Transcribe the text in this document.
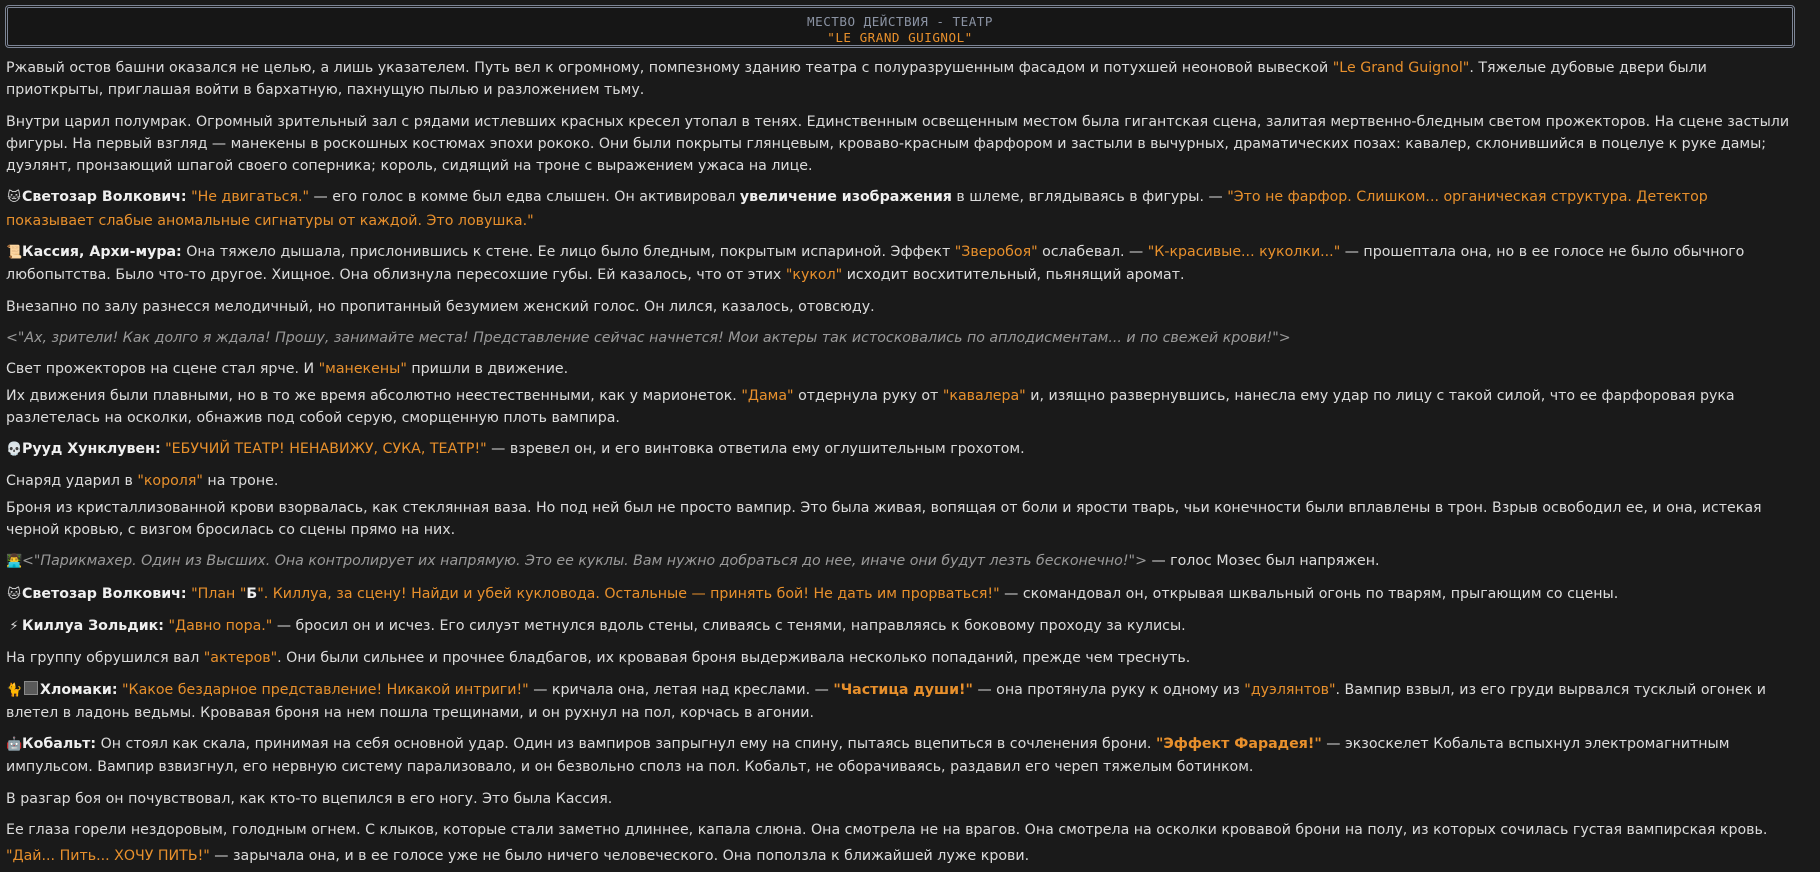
МЕСТВО ДЕЙСТВИЯ - ТЕАТР
"LE GRAND GUIGNOL"

Ржавый остов башни оказался не целью, а лишь указателем. Путь вел к огромному, помпезному зданию театра с полуразрушенным фасадом и потухшей неоновой вывеской "Le Grand Guignol". Тяжелые дубовые двери были приоткрыты, приглашая войти в бархатную, пахнущую пылью и разложением тьму.

Внутри царил полумрак. Огромный зрительный зал с рядами истлевших красных кресел утопал в тенях. Единственным освещенным местом была гигантская сцена, залитая мертвенно-бледным светом прожекторов. На сцене застыли фигуры. На первый взгляд — манекены в роскошных костюмах эпохи рококо. Они были покрыты глянцевым, кроваво-красным фарфором и застыли в вычурных, драматических позах: кавалер, склонившийся в поцелуе к руке дамы; дуэлянт, пронзающий шпагой своего соперника; король, сидящий на троне с выражением ужаса на лице.

🐱Светозар Волкович: "Не двигаться." — его голос в комме был едва слышен. Он активировал увеличение изображения в шлеме, вглядываясь в фигуры. — "Это не фарфор. Слишком... органическая структура. Детектор показывает слабые аномальные сигнатуры от каждой. Это ловушка."

📜Кассия, Архи-мура: Она тяжело дышала, прислонившись к стене. Ее лицо было бледным, покрытым испариной. Эффект "Зверобоя" ослабевал. — "К-красивые... куколки..." — прошептала она, но в ее голосе не было обычного любопытства. Было что-то другое. Хищное. Она облизнула пересохшие губы. Ей казалось, что от этих "кукол" исходит восхитительный, пьянящий аромат.

Внезапно по залу разнесся мелодичный, но пропитанный безумием женский голос. Он лился, казалось, отовсюду.

<"Ах, зрители! Как долго я ждала! Прошу, занимайте места! Представление сейчас начнется! Мои актеры так истосковались по аплодисментам... и по свежей крови!">

Свет прожекторов на сцене стал ярче. И "манекены" пришли в движение.

Их движения были плавными, но в то же время абсолютно неестественными, как у марионеток. "Дама" отдернула руку от "кавалера" и, изящно развернувшись, нанесла ему удар по лицу с такой силой, что ее фарфоровая рука разлетелась на осколки, обнажив под собой серую, сморщенную плоть вампира.

💀Рууд Хунклувен: "ЕБУЧИЙ ТЕАТР! НЕНАВИЖУ, СУКА, ТЕАТР!" — взревел он, и его винтовка ответила ему оглушительным грохотом.

Снаряд ударил в "короля" на троне.

Броня из кристаллизованной крови взорвалась, как стеклянная ваза. Но под ней был не просто вампир. Это была живая, вопящая от боли и ярости тварь, чьи конечности были вплавлены в трон. Взрыв освободил ее, и она, истекая черной кровью, с визгом бросилась со сцены прямо на них.

👨‍💻<"Парикмахер. Один из Высших. Она контролирует их напрямую. Это ее куклы. Вам нужно добраться до нее, иначе они будут лезть бесконечно!"> — голос Мозес был напряжен.

🐱Светозар Волкович: "План "Б". Киллуа, за сцену! Найди и убей кукловода. Остальные — принять бой! Не дать им прорваться!" — скомандовал он, открывая шквальный огонь по тварям, прыгающим со сцены.

⚡ Киллуа Зольдик: "Давно пора." — бросил он и исчез. Его силуэт метнулся вдоль стены, сливаясь с тенями, направляясь к боковому проходу за кулисы.

На группу обрушился вал "актеров". Они были сильнее и прочнее бладбагов, их кровавая броня выдерживала несколько попаданий, прежде чем треснуть.

🐈 Хломаки: "Какое бездарное представление! Никакой интриги!" — кричала она, летая над креслами. — "Частица души!" — она протянула руку к одному из "дуэлянтов". Вампир взвыл, из его груди вырвался тусклый огонек и влетел в ладонь ведьмы. Кровавая броня на нем пошла трещинами, и он рухнул на пол, корчась в агонии.

🤖Кобальт: Он стоял как скала, принимая на себя основной удар. Один из вампиров запрыгнул ему на спину, пытаясь вцепиться в сочленения брони. "Эффект Фарадея!" — экзоскелет Кобальта вспыхнул электромагнитным импульсом. Вампир взвизгнул, его нервную систему парализовало, и он безвольно сполз на пол. Кобальт, не оборачиваясь, раздавил его череп тяжелым ботинком.

В разгар боя он почувствовал, как кто-то вцепился в его ногу. Это была Кассия.

Ее глаза горели нездоровым, голодным огнем. С клыков, которые стали заметно длиннее, капала слюна. Она смотрела не на врагов. Она смотрела на осколки кровавой брони на полу, из которых сочилась густая вампирская кровь.

"Дай... Пить... ХОЧУ ПИТЬ!" — зарычала она, и в ее голосе уже не было ничего человеческого. Она поползла к ближайшей луже крови.
